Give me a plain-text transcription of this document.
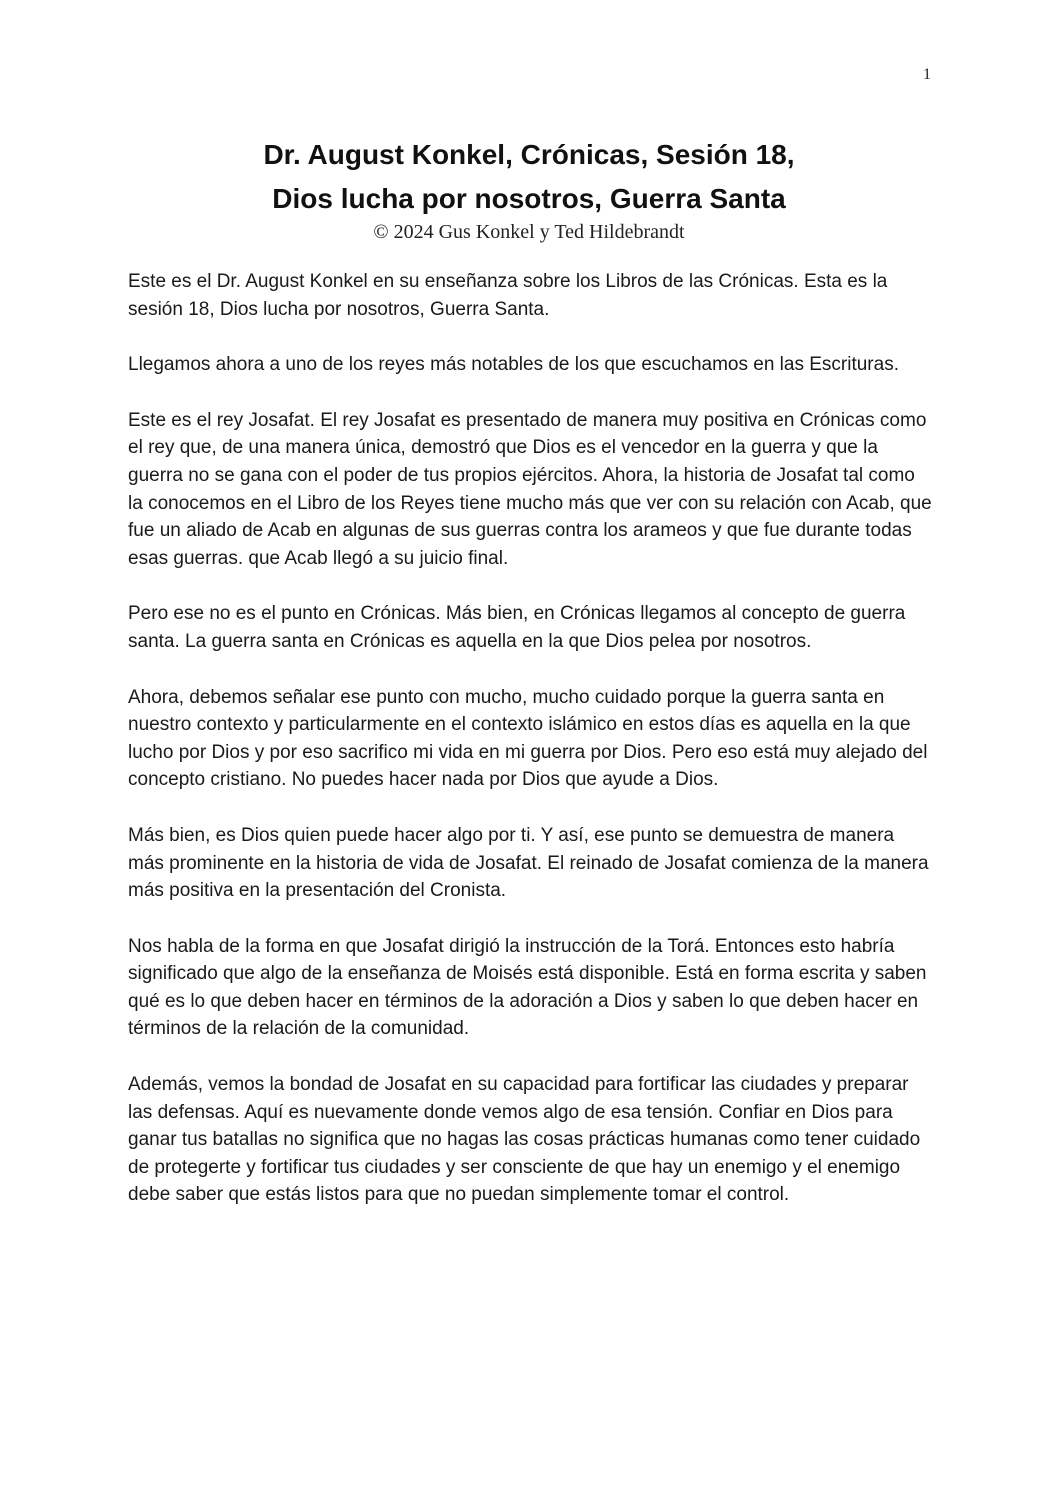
1
Dr. August Konkel, Crónicas, Sesión 18,
Dios lucha por nosotros, Guerra Santa
© 2024 Gus Konkel y Ted Hildebrandt

Este es el Dr. August Konkel en su enseñanza sobre los Libros de las Crónicas. Esta es la sesión 18, Dios lucha por nosotros, Guerra Santa.

Llegamos ahora a uno de los reyes más notables de los que escuchamos en las Escrituras.

Este es el rey Josafat. El rey Josafat es presentado de manera muy positiva en Crónicas como el rey que, de una manera única, demostró que Dios es el vencedor en la guerra y que la guerra no se gana con el poder de tus propios ejércitos. Ahora, la historia de Josafat tal como la conocemos en el Libro de los Reyes tiene mucho más que ver con su relación con Acab, que fue un aliado de Acab en algunas de sus guerras contra los arameos y que fue durante todas esas guerras. que Acab llegó a su juicio final.

Pero ese no es el punto en Crónicas. Más bien, en Crónicas llegamos al concepto de guerra santa. La guerra santa en Crónicas es aquella en la que Dios pelea por nosotros.

Ahora, debemos señalar ese punto con mucho, mucho cuidado porque la guerra santa en nuestro contexto y particularmente en el contexto islámico en estos días es aquella en la que lucho por Dios y por eso sacrifico mi vida en mi guerra por Dios. Pero eso está muy alejado del concepto cristiano. No puedes hacer nada por Dios que ayude a Dios.

Más bien, es Dios quien puede hacer algo por ti. Y así, ese punto se demuestra de manera más prominente en la historia de vida de Josafat. El reinado de Josafat comienza de la manera más positiva en la presentación del Cronista.

Nos habla de la forma en que Josafat dirigió la instrucción de la Torá. Entonces esto habría significado que algo de la enseñanza de Moisés está disponible. Está en forma escrita y saben qué es lo que deben hacer en términos de la adoración a Dios y saben lo que deben hacer en términos de la relación de la comunidad.

Además, vemos la bondad de Josafat en su capacidad para fortificar las ciudades y preparar las defensas. Aquí es nuevamente donde vemos algo de esa tensión. Confiar en Dios para ganar tus batallas no significa que no hagas las cosas prácticas humanas como tener cuidado de protegerte y fortificar tus ciudades y ser consciente de que hay un enemigo y el enemigo debe saber que estás listos para que no puedan simplemente tomar el control.
